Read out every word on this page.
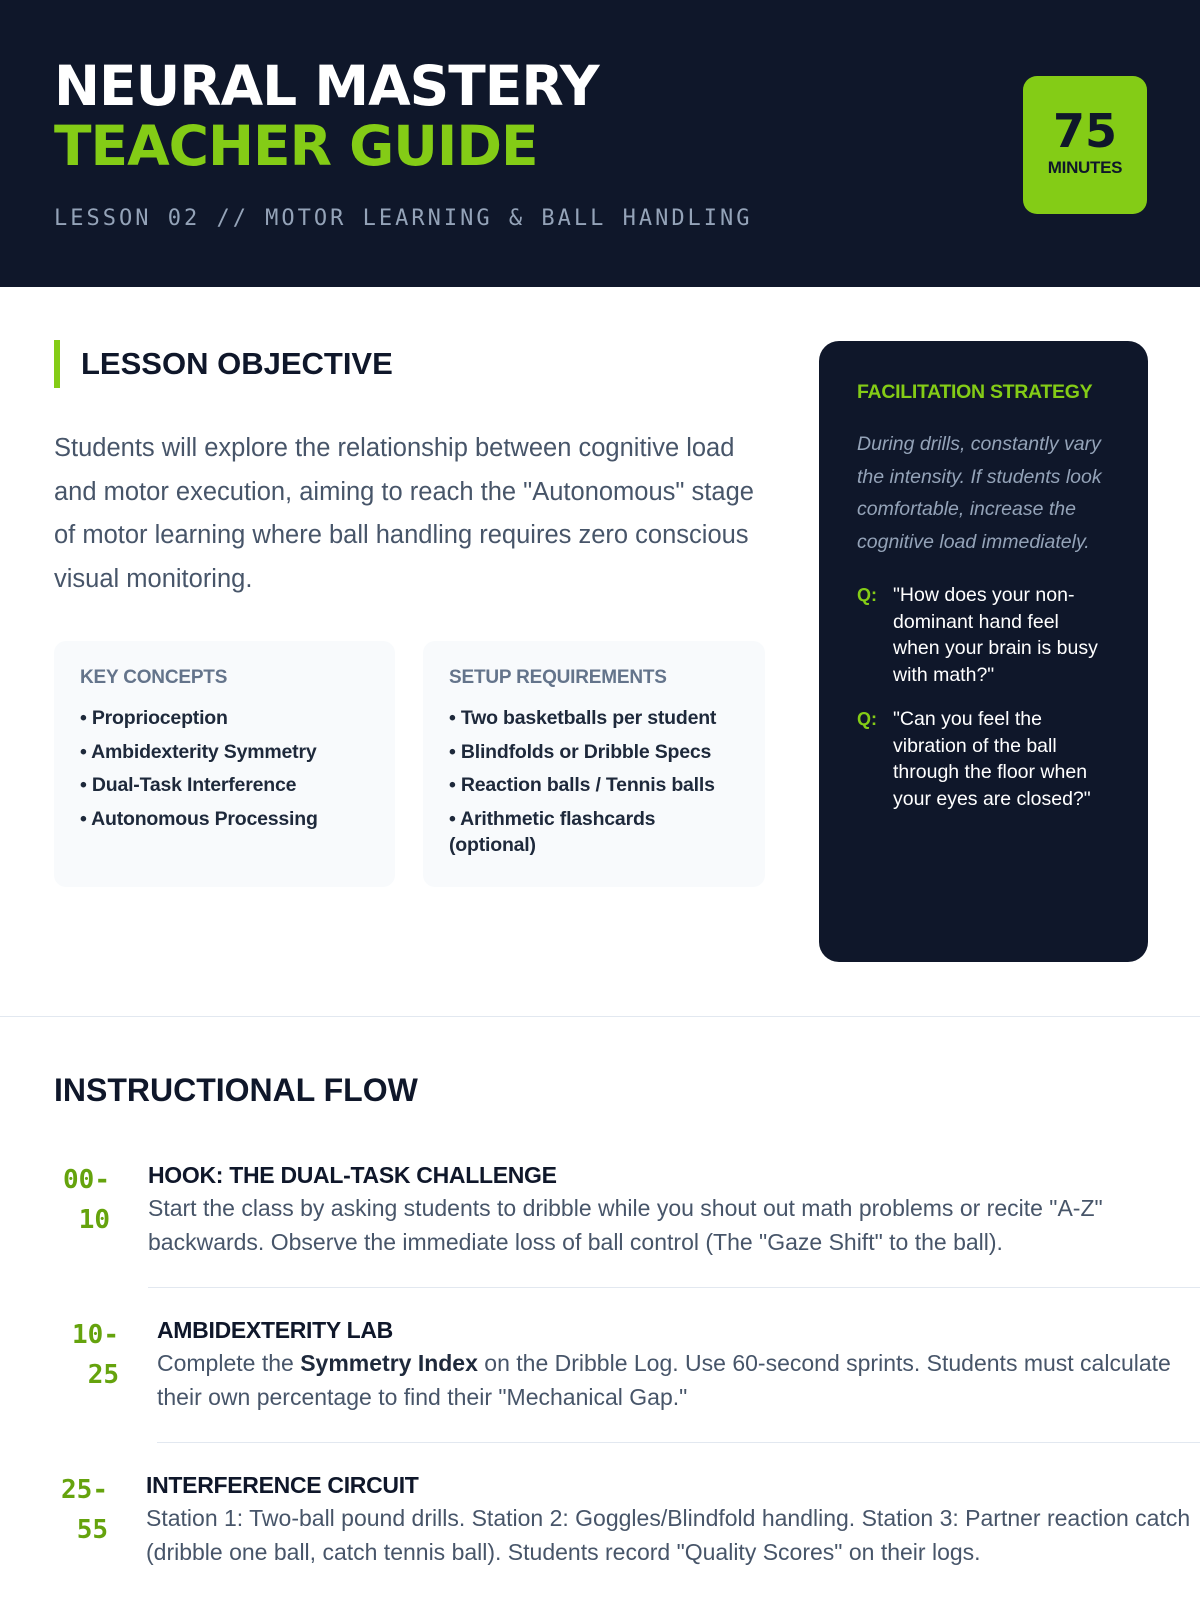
NEURAL MASTERY
TEACHER GUIDE
LESSON 02 // MOTOR LEARNING & BALL HANDLING
75
MINUTES
LESSON OBJECTIVE
Students will explore the relationship between cognitive load and motor execution, aiming to reach the "Autonomous" stage of motor learning where ball handling requires zero conscious visual monitoring.
KEY CONCEPTS
• Proprioception
• Ambidexterity Symmetry
• Dual-Task Interference
• Autonomous Processing
SETUP REQUIREMENTS
• Two basketballs per student
• Blindfolds or Dribble Specs
• Reaction balls / Tennis balls
• Arithmetic flashcards (optional)
FACILITATION STRATEGY
During drills, constantly vary the intensity. If students look comfortable, increase the cognitive load immediately.
Q: "How does your non-dominant hand feel when your brain is busy with math?"
Q: "Can you feel the vibration of the ball through the floor when your eyes are closed?"
INSTRUCTIONAL FLOW
00-
10
HOOK: THE DUAL-TASK CHALLENGE
Start the class by asking students to dribble while you shout out math problems or recite "A-Z" backwards. Observe the immediate loss of ball control (The "Gaze Shift" to the ball).
10-
25
AMBIDEXTERITY LAB
Complete the Symmetry Index on the Dribble Log. Use 60-second sprints. Students must calculate their own percentage to find their "Mechanical Gap."
25-
55
INTERFERENCE CIRCUIT
Station 1: Two-ball pound drills. Station 2: Goggles/Blindfold handling. Station 3: Partner reaction catch (dribble one ball, catch tennis ball). Students record "Quality Scores" on their logs.
